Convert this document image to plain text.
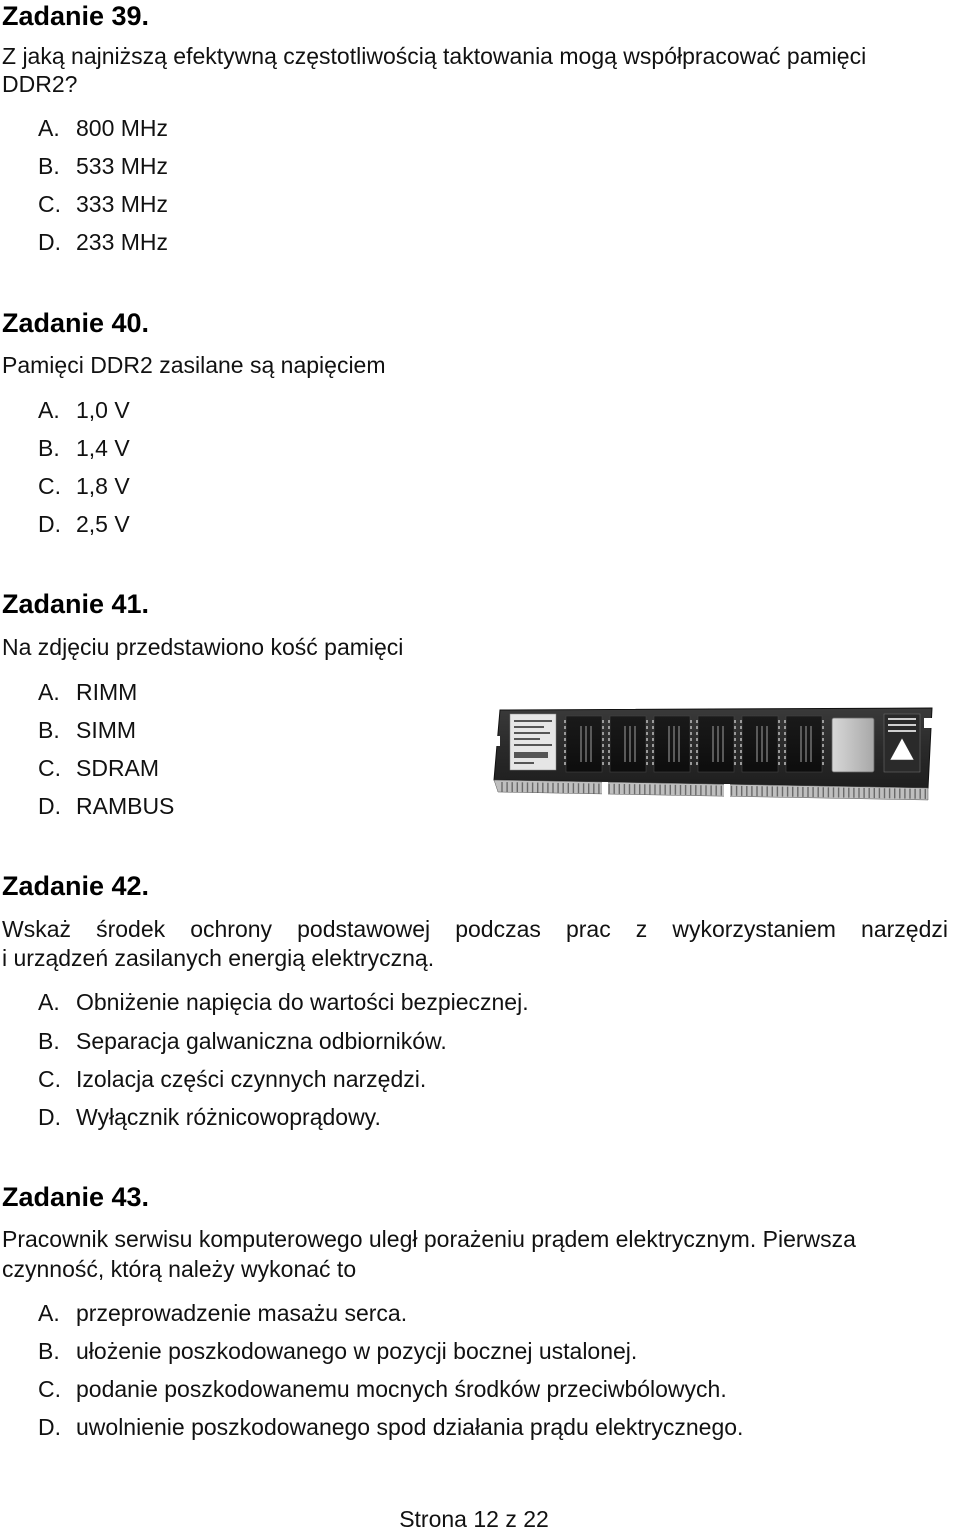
Zadanie 39.
Z jaką najniższą efektywną częstotliwością taktowania mogą współpracować pamięci
DDR2?
A. 800 MHz
B. 533 MHz
C. 333 MHz
D. 233 MHz
Zadanie 40.
Pamięci DDR2 zasilane są napięciem
A. 1,0 V
B. 1,4 V
C. 1,8 V
D. 2,5 V
Zadanie 41.
Na zdjęciu przedstawiono kość pamięci
A. RIMM
B. SIMM
C. SDRAM
D. RAMBUS
Zadanie 42.
Wskaż środek ochrony podstawowej podczas prac z wykorzystaniem narzędzi
i urządzeń zasilanych energią elektryczną.
A. Obniżenie napięcia do wartości bezpiecznej.
B. Separacja galwaniczna odbiorników.
C. Izolacja części czynnych narzędzi.
D. Wyłącznik różnicowoprądowy.
Zadanie 43.
Pracownik serwisu komputerowego uległ porażeniu prądem elektrycznym. Pierwsza
czynność, którą należy wykonać to
A. przeprowadzenie masażu serca.
B. ułożenie poszkodowanego w pozycji bocznej ustalonej.
C. podanie poszkodowanemu mocnych środków przeciwbólowych.
D. uwolnienie poszkodowanego spod działania prądu elektrycznego.
Strona 12 z 22
